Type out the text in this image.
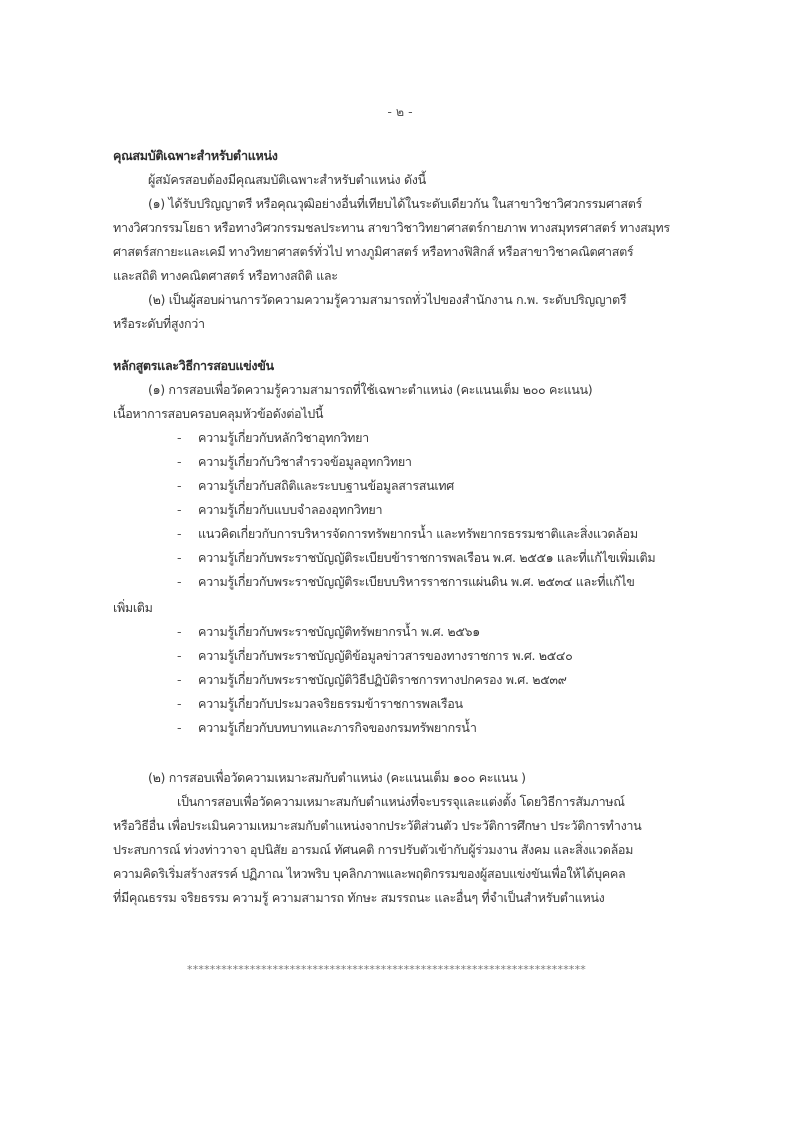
- ๒ -
คุณสมบัติเฉพาะสำหรับตำแหน่ง
ผู้สมัครสอบต้องมีคุณสมบัติเฉพาะสำหรับตำแหน่ง ดังนี้
(๑) ได้รับปริญญาตรี หรือคุณวุฒิอย่างอื่นที่เทียบได้ในระดับเดียวกัน ในสาขาวิชาวิศวกรรมศาสตร์
ทางวิศวกรรมโยธา หรือทางวิศวกรรมชลประทาน สาขาวิชาวิทยาศาสตร์กายภาพ ทางสมุทรศาสตร์ ทางสมุทร
ศาสตร์สกายะและเคมี ทางวิทยาศาสตร์ทั่วไป ทางภูมิศาสตร์ หรือทางฟิสิกส์ หรือสาขาวิชาคณิตศาสตร์
และสถิติ ทางคณิตศาสตร์ หรือทางสถิติ และ
(๒) เป็นผู้สอบผ่านการวัดความความรู้ความสามารถทั่วไปของสำนักงาน ก.พ. ระดับปริญญาตรี
หรือระดับที่สูงกว่า
หลักสูตรและวิธีการสอบแข่งขัน
(๑) การสอบเพื่อวัดความรู้ความสามารถที่ใช้เฉพาะตำแหน่ง (คะแนนเต็ม ๒๐๐ คะแนน)
เนื้อหาการสอบครอบคลุมหัวข้อดังต่อไปนี้
- ความรู้เกี่ยวกับหลักวิชาอุทกวิทยา
- ความรู้เกี่ยวกับวิชาสำรวจข้อมูลอุทกวิทยา
- ความรู้เกี่ยวกับสถิติและระบบฐานข้อมูลสารสนเทศ
- ความรู้เกี่ยวกับแบบจำลองอุทกวิทยา
- แนวคิดเกี่ยวกับการบริหารจัดการทรัพยากรน้ำ และทรัพยากรธรรมชาติและสิ่งแวดล้อม
- ความรู้เกี่ยวกับพระราชบัญญัติระเบียบข้าราชการพลเรือน พ.ศ. ๒๕๕๑ และที่แก้ไขเพิ่มเติม
- ความรู้เกี่ยวกับพระราชบัญญัติระเบียบบริหารราชการแผ่นดิน พ.ศ. ๒๕๓๔ และที่แก้ไข
เพิ่มเติม
- ความรู้เกี่ยวกับพระราชบัญญัติทรัพยากรน้ำ พ.ศ. ๒๕๖๑
- ความรู้เกี่ยวกับพระราชบัญญัติข้อมูลข่าวสารของทางราชการ พ.ศ. ๒๕๔๐
- ความรู้เกี่ยวกับพระราชบัญญัติวิธีปฏิบัติราชการทางปกครอง พ.ศ. ๒๕๓๙
- ความรู้เกี่ยวกับประมวลจริยธรรมข้าราชการพลเรือน
- ความรู้เกี่ยวกับบทบาทและภารกิจของกรมทรัพยากรน้ำ
(๒) การสอบเพื่อวัดความเหมาะสมกับตำแหน่ง (คะแนนเต็ม ๑๐๐ คะแนน )
เป็นการสอบเพื่อวัดความเหมาะสมกับตำแหน่งที่จะบรรจุและแต่งตั้ง โดยวิธีการสัมภาษณ์
หรือวิธีอื่น เพื่อประเมินความเหมาะสมกับตำแหน่งจากประวัติส่วนตัว ประวัติการศึกษา ประวัติการทำงาน
ประสบการณ์ ท่วงท่าวาจา อุปนิสัย อารมณ์ ทัศนคติ การปรับตัวเข้ากับผู้ร่วมงาน สังคม และสิ่งแวดล้อม
ความคิดริเริ่มสร้างสรรค์ ปฏิภาณ ไหวพริบ บุคลิกภาพและพฤติกรรมของผู้สอบแข่งขันเพื่อให้ได้บุคคล
ที่มีคุณธรรม จริยธรรม ความรู้ ความสามารถ ทักษะ สมรรถนะ และอื่นๆ ที่จำเป็นสำหรับตำแหน่ง
**********************************************************************
